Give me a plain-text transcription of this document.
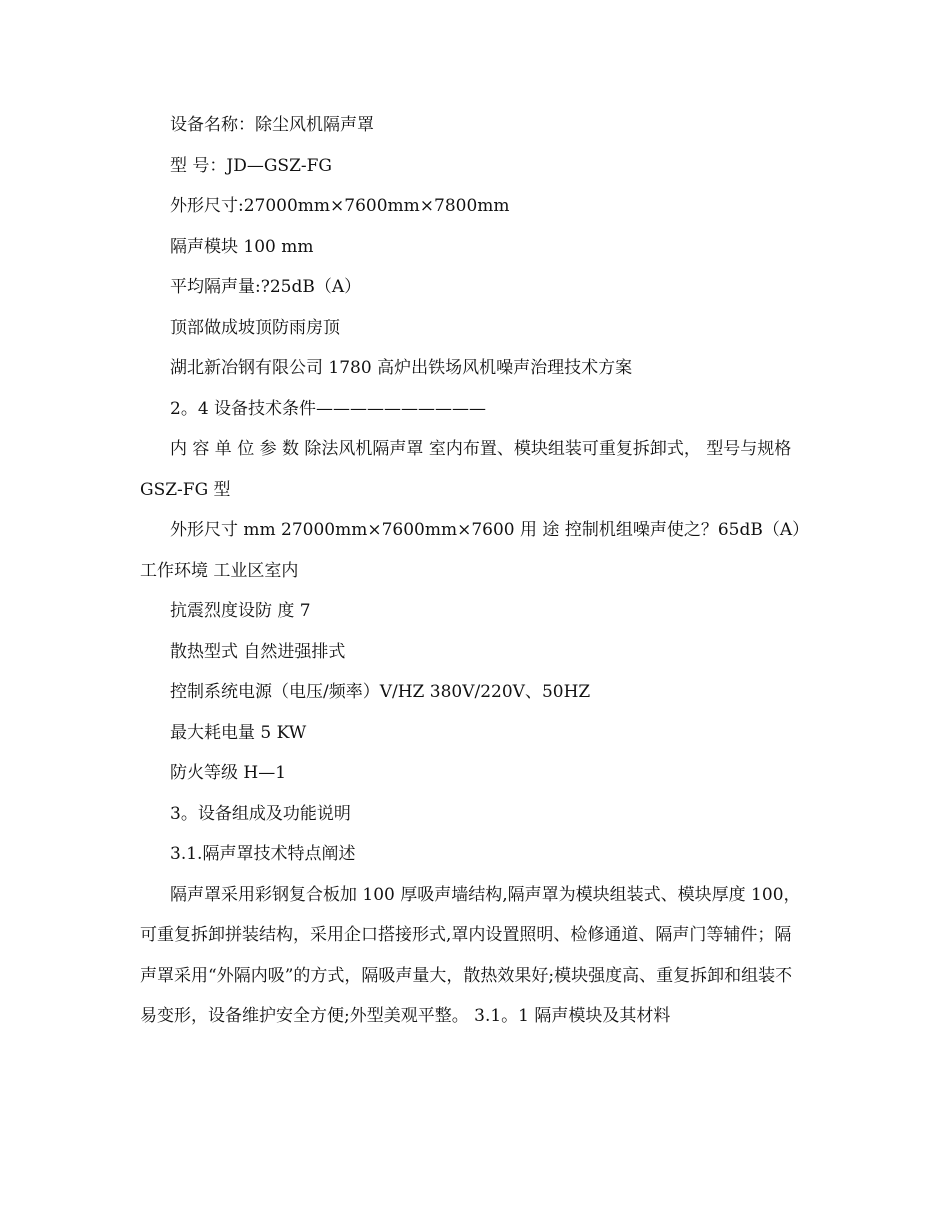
设备名称：除尘风机隔声罩

型 号：JD—GSZ-FG

外形尺寸:27000mm×7600mm×7800mm

隔声模块 100 mm

平均隔声量:?25dB（A）

顶部做成坡顶防雨房顶

湖北新冶钢有限公司 1780 高炉出铁场风机噪声治理技术方案

2。4 设备技术条件——————————

内 容 单 位 参 数 除法风机隔声罩 室内布置、模块组装可重复拆卸式， 型号与规格 GSZ-FG 型

外形尺寸 mm 27000mm×7600mm×7600 用 途 控制机组噪声使之？65dB（A）工作环境 工业区室内

抗震烈度设防 度 7

散热型式 自然进强排式

控制系统电源（电压/频率）V/HZ 380V/220V、50HZ

最大耗电量 5 KW

防火等级 H—1

3。设备组成及功能说明

3.1.隔声罩技术特点阐述

隔声罩采用彩钢复合板加 100 厚吸声墙结构,隔声罩为模块组装式、模块厚度 100，可重复拆卸拼装结构，采用企口搭接形式,罩内设置照明、检修通道、隔声门等辅件；隔声罩采用“外隔内吸”的方式，隔吸声量大，散热效果好;模块强度高、重复拆卸和组装不易变形，设备维护安全方便;外型美观平整。 3.1。1 隔声模块及其材料
